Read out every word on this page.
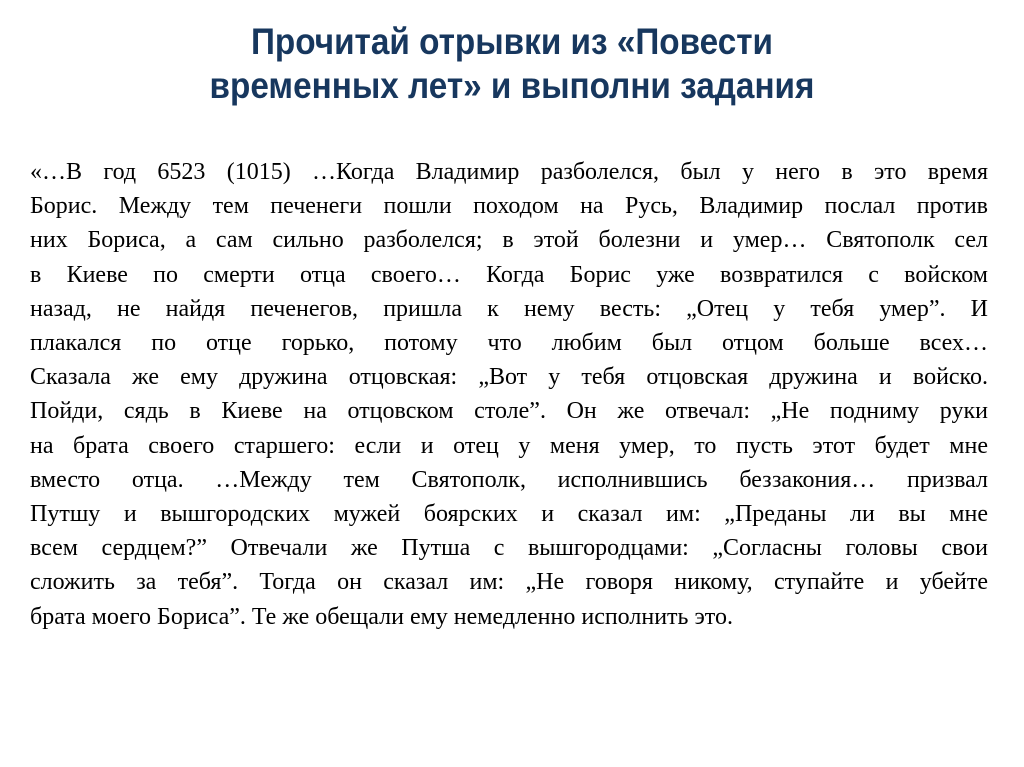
Прочитай отрывки из «Повести
временных лет» и выполни задания
«…В год 6523 (1015) …Когда Владимир разболелся, был у него в это время
Борис. Между тем печенеги пошли походом на Русь, Владимир послал против
них Бориса, а сам сильно разболелся; в этой болезни и умер… Святополк сел
в Киеве по смерти отца своего… Когда Борис уже возвратился с войском
назад, не найдя печенегов, пришла к нему весть: „Отец у тебя умер”. И
плакался по отце горько, потому что любим был отцом больше всех…
Сказала же ему дружина отцовская: „Вот у тебя отцовская дружина и войско.
Пойди, сядь в Киеве на отцовском столе”. Он же отвечал: „Не подниму руки
на брата своего старшего: если и отец у меня умер, то пусть этот будет мне
вместо отца. …Между тем Святополк, исполнившись беззакония… призвал
Путшу и вышгородских мужей боярских и сказал им: „Преданы ли вы мне
всем сердцем?” Отвечали же Путша с вышгородцами: „Согласны головы свои
сложить за тебя”. Тогда он сказал им: „Не говоря никому, ступайте и убейте
брата моего Бориса”. Те же обещали ему немедленно исполнить это.
